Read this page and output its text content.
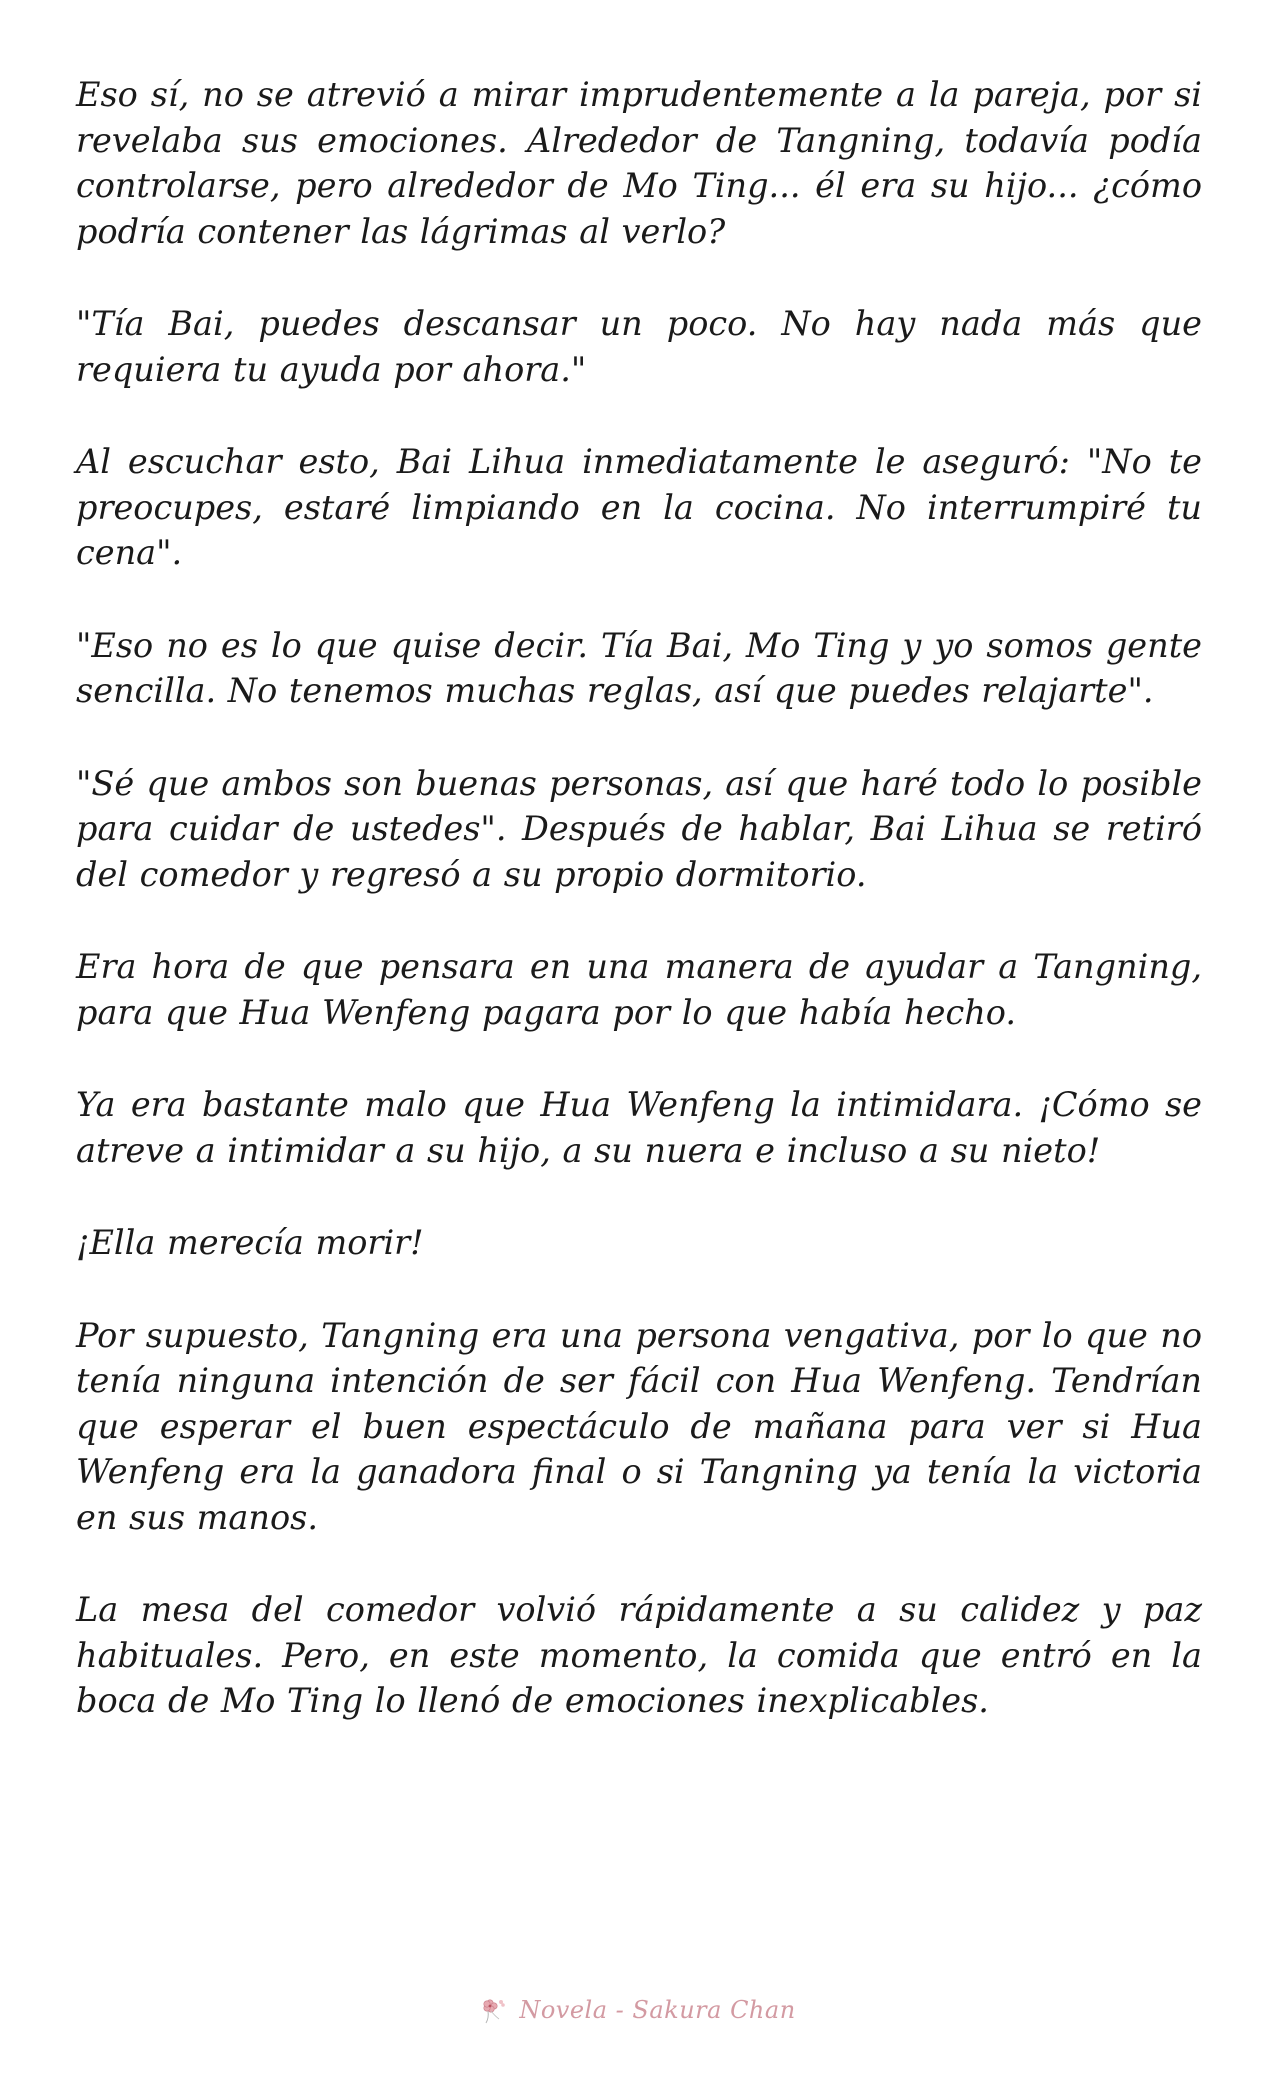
Eso sí, no se atrevió a mirar imprudentemente a la pareja, por si revelaba sus emociones. Alrededor de Tangning, todavía podía controlarse, pero alrededor de Mo Ting... él era su hijo... ¿cómo podría contener las lágrimas al verlo?

"Tía Bai, puedes descansar un poco. No hay nada más que requiera tu ayuda por ahora."

Al escuchar esto, Bai Lihua inmediatamente le aseguró: "No te preocupes, estaré limpiando en la cocina. No interrumpiré tu cena".

"Eso no es lo que quise decir. Tía Bai, Mo Ting y yo somos gente sencilla. No tenemos muchas reglas, así que puedes relajarte".

"Sé que ambos son buenas personas, así que haré todo lo posible para cuidar de ustedes". Después de hablar, Bai Lihua se retiró del comedor y regresó a su propio dormitorio.

Era hora de que pensara en una manera de ayudar a Tangning, para que Hua Wenfeng pagara por lo que había hecho.

Ya era bastante malo que Hua Wenfeng la intimidara. ¡Cómo se atreve a intimidar a su hijo, a su nuera e incluso a su nieto!

¡Ella merecía morir!

Por supuesto, Tangning era una persona vengativa, por lo que no tenía ninguna intención de ser fácil con Hua Wenfeng. Tendrían que esperar el buen espectáculo de mañana para ver si Hua Wenfeng era la ganadora final o si Tangning ya tenía la victoria en sus manos.

La mesa del comedor volvió rápidamente a su calidez y paz habituales. Pero, en este momento, la comida que entró en la boca de Mo Ting lo llenó de emociones inexplicables.

Novela - Sakura Chan
